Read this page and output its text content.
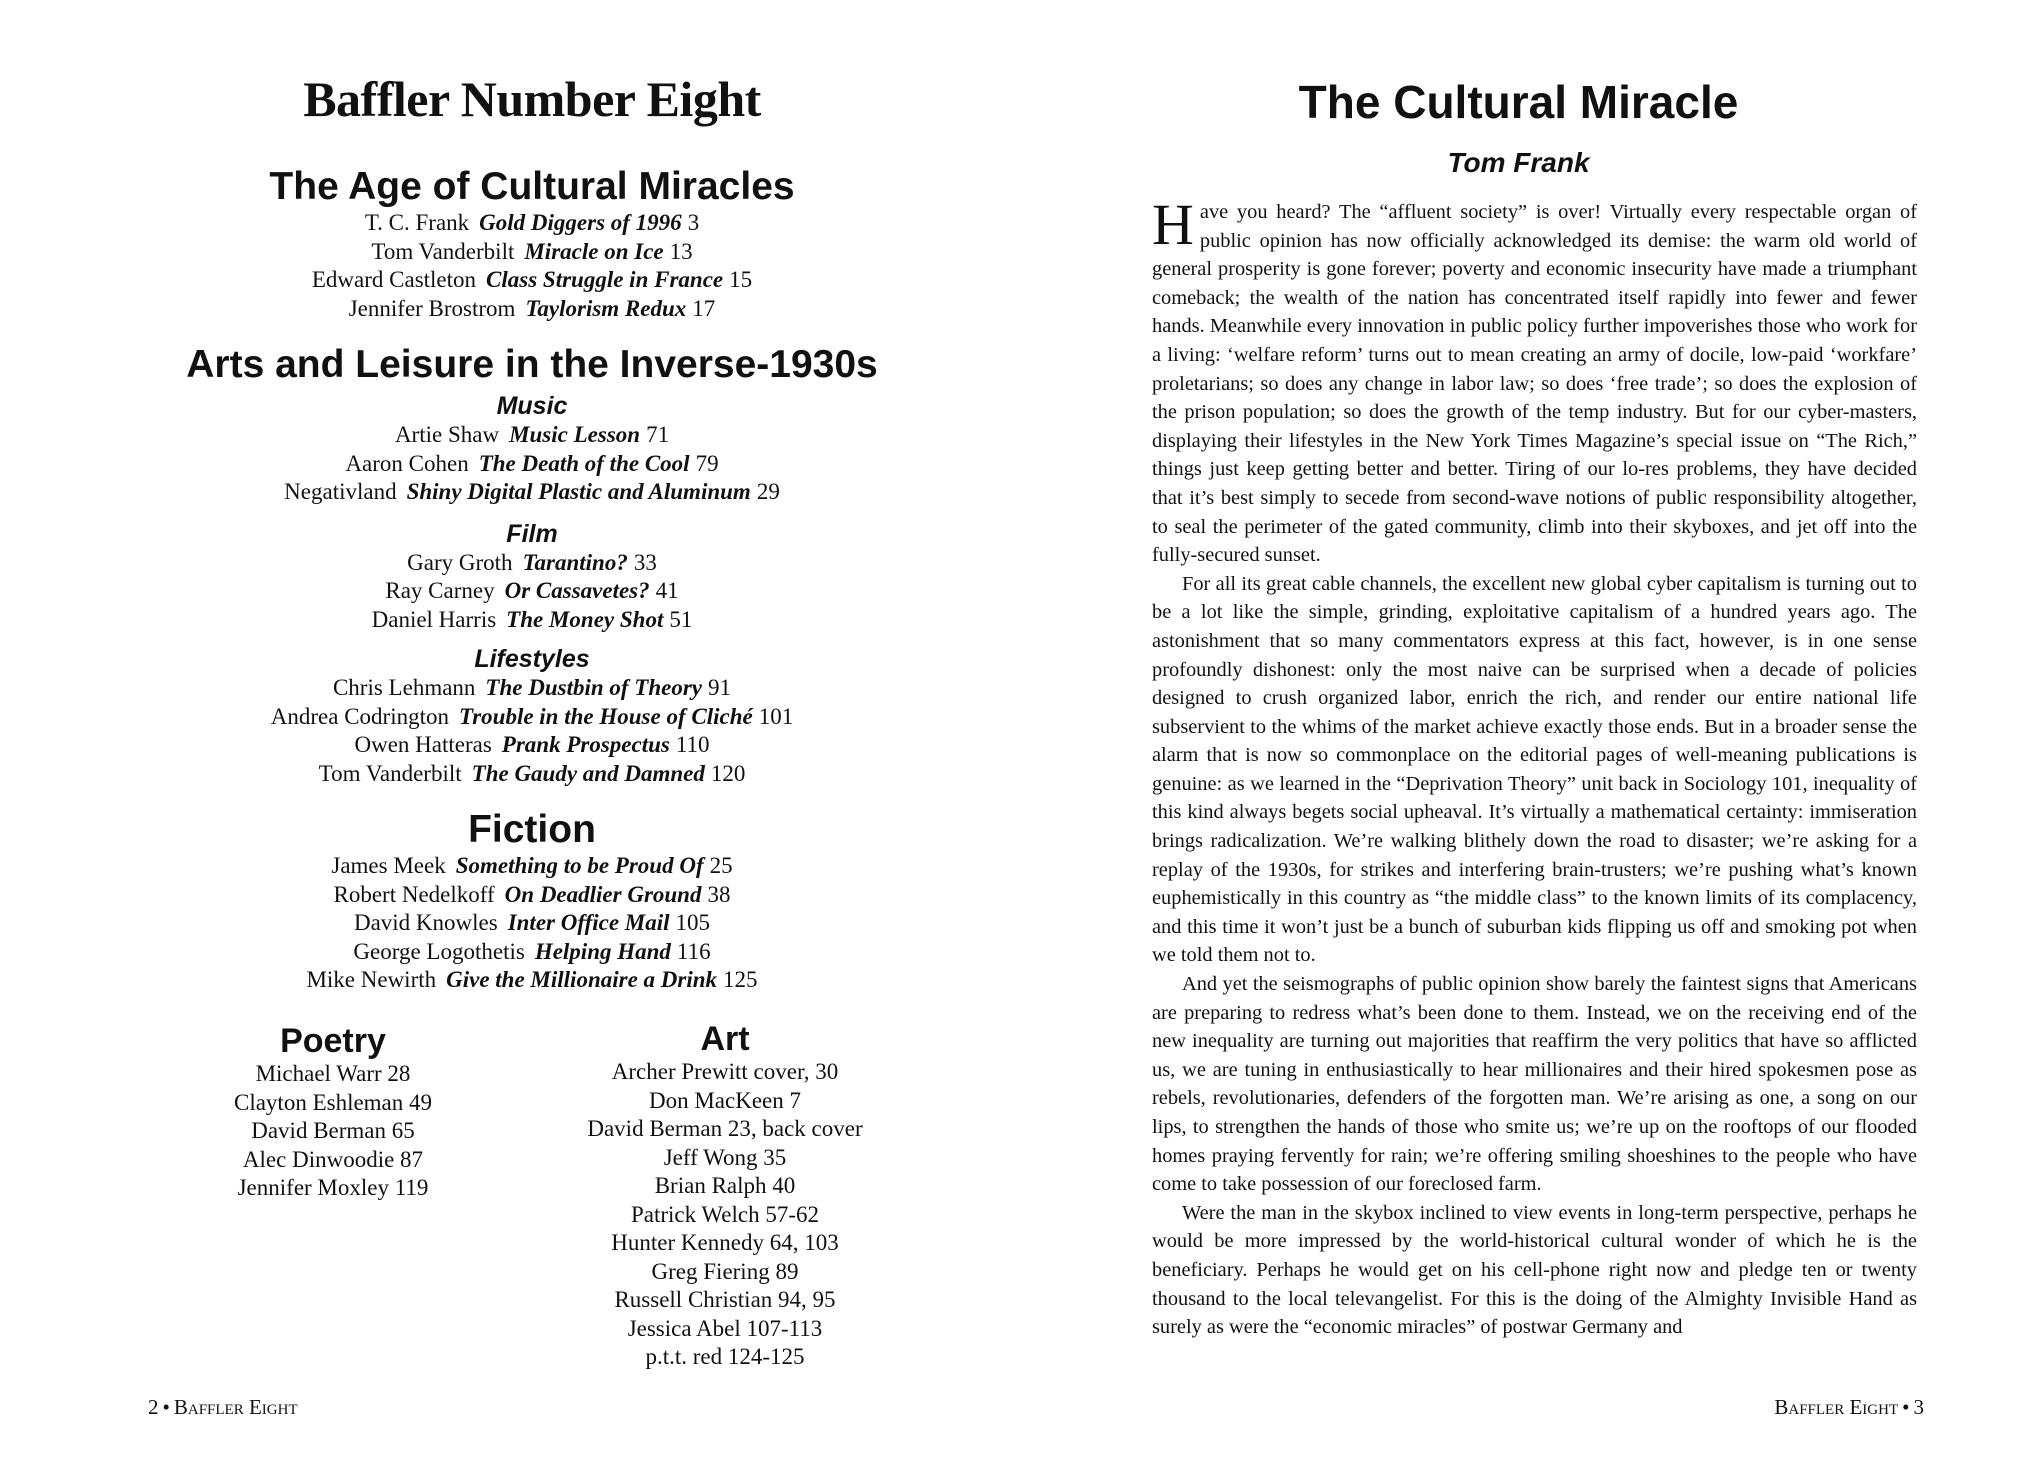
Baffler Number Eight
The Age of Cultural Miracles
T. C. Frank Gold Diggers of 1996 3
Tom Vanderbilt Miracle on Ice 13
Edward Castleton Class Struggle in France 15
Jennifer Brostrom Taylorism Redux 17
Arts and Leisure in the Inverse-1930s
Music
Artie Shaw Music Lesson 71
Aaron Cohen The Death of the Cool 79
Negativland Shiny Digital Plastic and Aluminum 29
Film
Gary Groth Tarantino? 33
Ray Carney Or Cassavetes? 41
Daniel Harris The Money Shot 51
Lifestyles
Chris Lehmann The Dustbin of Theory 91
Andrea Codrington Trouble in the House of Cliché 101
Owen Hatteras Prank Prospectus 110
Tom Vanderbilt The Gaudy and Damned 120
Fiction
James Meek Something to be Proud Of 25
Robert Nedelkoff On Deadlier Ground 38
David Knowles Inter Office Mail 105
George Logothetis Helping Hand 116
Mike Newirth Give the Millionaire a Drink 125
Poetry
Michael Warr 28
Clayton Eshleman 49
David Berman 65
Alec Dinwoodie 87
Jennifer Moxley 119
Art
Archer Prewitt cover, 30
Don MacKeen 7
David Berman 23, back cover
Jeff Wong 35
Brian Ralph 40
Patrick Welch 57-62
Hunter Kennedy 64, 103
Greg Fiering 89
Russell Christian 94, 95
Jessica Abel 107-113
p.t.t. red 124-125
2 • Baffler Eight
The Cultural Miracle
Tom Frank

Have you heard? The “affluent society” is over! Virtually every respectable organ of public opinion has now officially acknowledged its demise: the warm old world of general prosperity is gone forever; poverty and economic insecurity have made a triumphant comeback; the wealth of the nation has concentrated itself rapidly into fewer and fewer hands. Meanwhile every innovation in public policy further impoverishes those who work for a living: ‘welfare reform’ turns out to mean creating an army of docile, low-paid ‘workfare’ proletarians; so does any change in labor law; so does ‘free trade’; so does the explosion of the prison population; so does the growth of the temp industry. But for our cyber-masters, displaying their lifestyles in the New York Times Magazine’s special issue on “The Rich,” things just keep getting better and better. Tiring of our lo-res problems, they have decided that it’s best simply to secede from second-wave notions of public responsibility altogether, to seal the perimeter of the gated community, climb into their skyboxes, and jet off into the fully-secured sunset.

For all its great cable channels, the excellent new global cyber capitalism is turning out to be a lot like the simple, grinding, exploitative capitalism of a hundred years ago. The astonishment that so many commentators express at this fact, however, is in one sense profoundly dishonest: only the most naive can be surprised when a decade of policies designed to crush organized labor, enrich the rich, and render our entire national life subservient to the whims of the market achieve exactly those ends. But in a broader sense the alarm that is now so commonplace on the editorial pages of well-meaning publications is genuine: as we learned in the “Deprivation Theory” unit back in Sociology 101, inequality of this kind always begets social upheaval. It’s virtually a mathematical certainty: immiseration brings radicalization. We’re walking blithely down the road to disaster; we’re asking for a replay of the 1930s, for strikes and interfering brain-trusters; we’re pushing what’s known euphemistically in this country as “the middle class” to the known limits of its complacency, and this time it won’t just be a bunch of suburban kids flipping us off and smoking pot when we told them not to.

And yet the seismographs of public opinion show barely the faintest signs that Americans are preparing to redress what’s been done to them. Instead, we on the receiving end of the new inequality are turning out majorities that reaffirm the very politics that have so afflicted us, we are tuning in enthusiastically to hear millionaires and their hired spokesmen pose as rebels, revolutionaries, defenders of the forgotten man. We’re arising as one, a song on our lips, to strengthen the hands of those who smite us; we’re up on the rooftops of our flooded homes praying fervently for rain; we’re offering smiling shoeshines to the people who have come to take possession of our foreclosed farm.

Were the man in the skybox inclined to view events in long-term perspective, perhaps he would be more impressed by the world-historical cultural wonder of which he is the beneficiary. Perhaps he would get on his cell-phone right now and pledge ten or twenty thousand to the local televangelist. For this is the doing of the Almighty Invisible Hand as surely as were the “economic miracles” of postwar Germany and

Baffler Eight • 3
